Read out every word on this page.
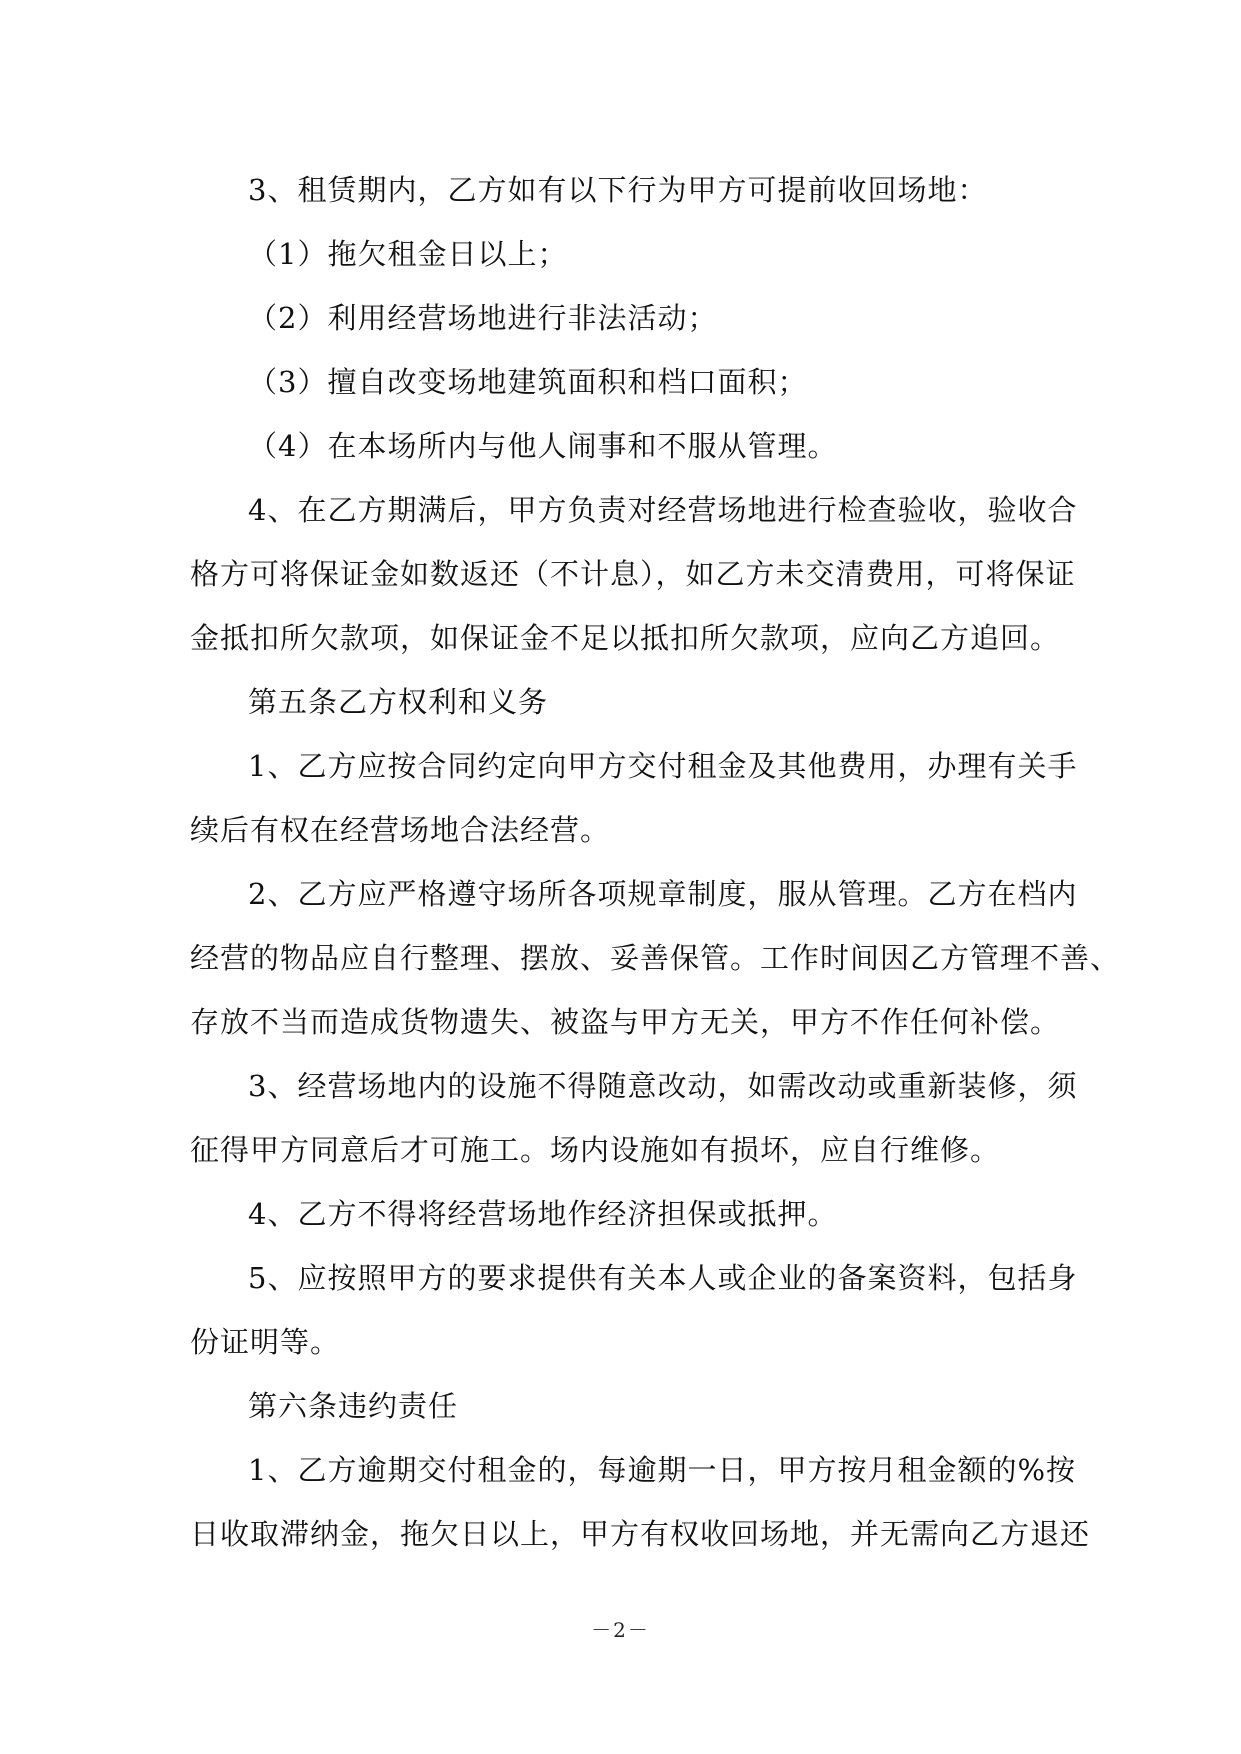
3、租赁期内，乙方如有以下行为甲方可提前收回场地：

（1）拖欠租金日以上；

（2）利用经营场地进行非法活动；

（3）擅自改变场地建筑面积和档口面积；

（4）在本场所内与他人闹事和不服从管理。

4、在乙方期满后，甲方负责对经营场地进行检查验收，验收合

格方可将保证金如数返还（不计息），如乙方未交清费用，可将保证

金抵扣所欠款项，如保证金不足以抵扣所欠款项，应向乙方追回。

第五条乙方权利和义务

1、乙方应按合同约定向甲方交付租金及其他费用，办理有关手

续后有权在经营场地合法经营。

2、乙方应严格遵守场所各项规章制度，服从管理。乙方在档内

经营的物品应自行整理、摆放、妥善保管。工作时间因乙方管理不善、

存放不当而造成货物遗失、被盗与甲方无关，甲方不作任何补偿。

3、经营场地内的设施不得随意改动，如需改动或重新装修，须

征得甲方同意后才可施工。场内设施如有损坏，应自行维修。

4、乙方不得将经营场地作经济担保或抵押。

5、应按照甲方的要求提供有关本人或企业的备案资料，包括身

份证明等。

第六条违约责任

1、乙方逾期交付租金的，每逾期一日，甲方按月租金额的%按

日收取滞纳金，拖欠日以上，甲方有权收回场地，并无需向乙方退还

－2－
